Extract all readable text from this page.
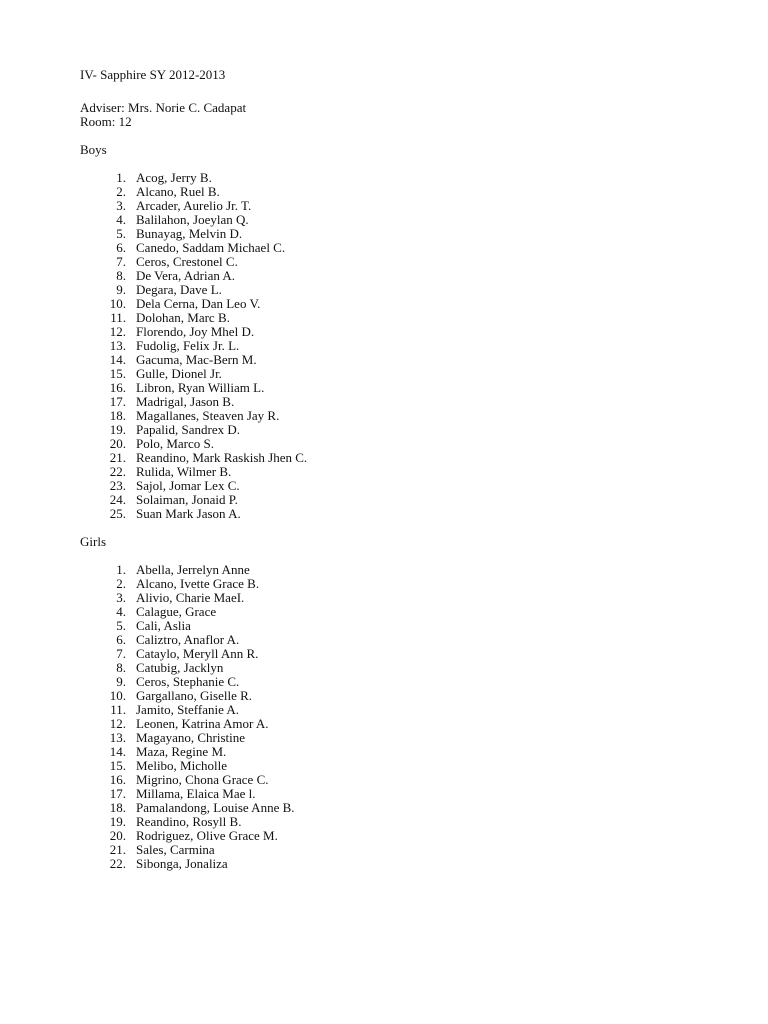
IV- Sapphire SY 2012-2013
Adviser: Mrs. Norie C. Cadapat
Room: 12
Boys
1. Acog, Jerry B.
2. Alcano, Ruel B.
3. Arcader, Aurelio Jr. T.
4. Balilahon, Joeylan Q.
5. Bunayag, Melvin D.
6. Canedo, Saddam Michael C.
7. Ceros, Crestonel C.
8. De Vera, Adrian A.
9. Degara, Dave L.
10. Dela Cerna, Dan Leo V.
11. Dolohan, Marc B.
12. Florendo, Joy Mhel D.
13. Fudolig, Felix Jr. L.
14. Gacuma, Mac-Bern M.
15. Gulle, Dionel Jr.
16. Libron, Ryan William L.
17. Madrigal, Jason B.
18. Magallanes, Steaven Jay R.
19. Papalid, Sandrex D.
20. Polo, Marco S.
21. Reandino, Mark Raskish Jhen C.
22. Rulida, Wilmer B.
23. Sajol, Jomar Lex C.
24. Solaiman, Jonaid P.
25. Suan Mark Jason A.
Girls
1. Abella, Jerrelyn Anne
2. Alcano, Ivette Grace B.
3. Alivio, Charie MaeI.
4. Calague, Grace
5. Cali, Aslia
6. Caliztro, Anaflor A.
7. Cataylo, Meryll Ann R.
8. Catubig, Jacklyn
9. Ceros, Stephanie C.
10. Gargallano, Giselle R.
11. Jamito, Steffanie A.
12. Leonen, Katrina Amor A.
13. Magayano, Christine
14. Maza, Regine M.
15. Melibo, Micholle
16. Migrino, Chona Grace C.
17. Millama, Elaica Mae l.
18. Pamalandong, Louise Anne B.
19. Reandino, Rosyll B.
20. Rodriguez, Olive Grace M.
21. Sales, Carmina
22. Sibonga, Jonaliza
